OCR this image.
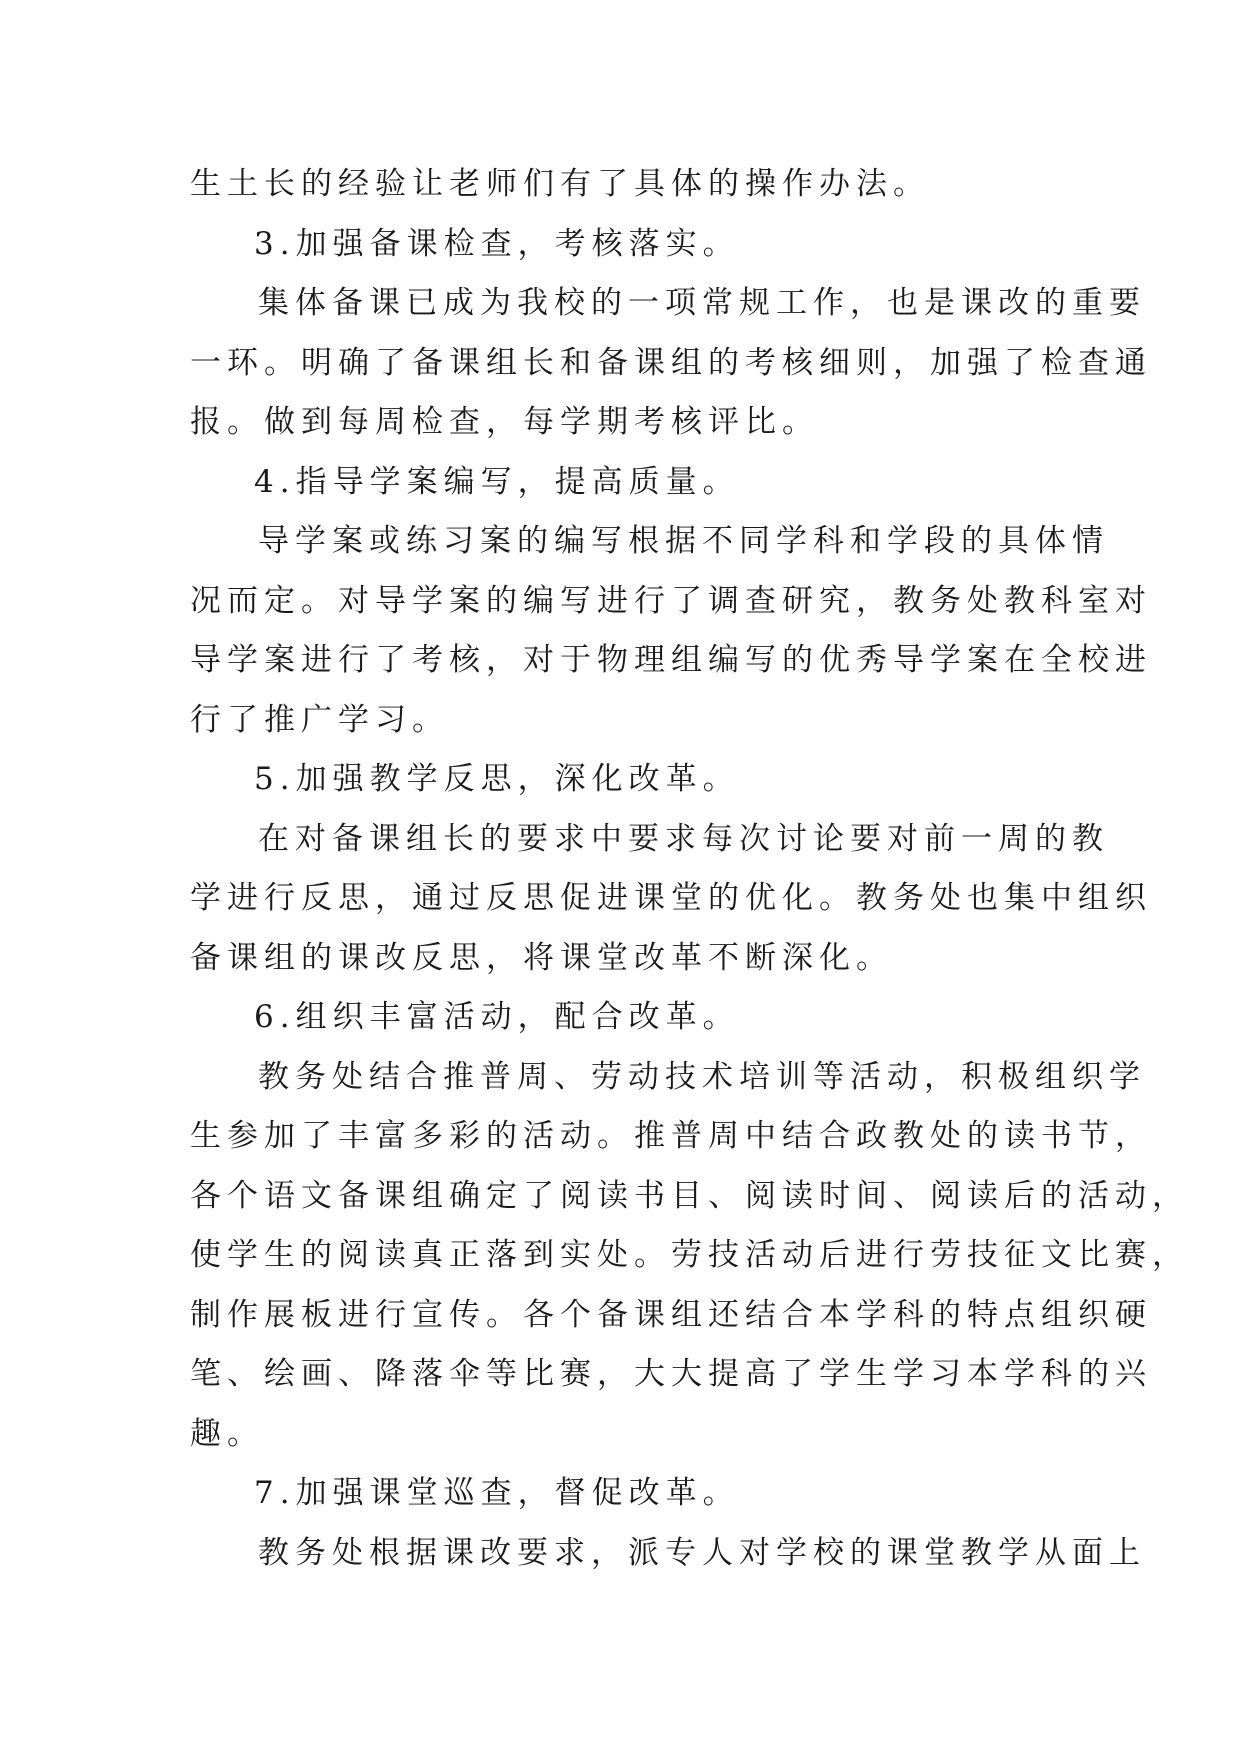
生土长的经验让老师们有了具体的操作办法。
3.加强备课检查，考核落实。
集体备课已成为我校的一项常规工作，也是课改的重要
一环。明确了备课组长和备课组的考核细则，加强了检查通
报。做到每周检查，每学期考核评比。
4.指导学案编写，提高质量。
导学案或练习案的编写根据不同学科和学段的具体情
况而定。对导学案的编写进行了调查研究，教务处教科室对
导学案进行了考核，对于物理组编写的优秀导学案在全校进
行了推广学习。
5.加强教学反思，深化改革。
在对备课组长的要求中要求每次讨论要对前一周的教
学进行反思，通过反思促进课堂的优化。教务处也集中组织
备课组的课改反思，将课堂改革不断深化。
6.组织丰富活动，配合改革。
教务处结合推普周、劳动技术培训等活动，积极组织学
生参加了丰富多彩的活动。推普周中结合政教处的读书节，
各个语文备课组确定了阅读书目、阅读时间、阅读后的活动，
使学生的阅读真正落到实处。劳技活动后进行劳技征文比赛，
制作展板进行宣传。各个备课组还结合本学科的特点组织硬
笔、绘画、降落伞等比赛，大大提高了学生学习本学科的兴
趣。
7.加强课堂巡查，督促改革。
教务处根据课改要求，派专人对学校的课堂教学从面上
